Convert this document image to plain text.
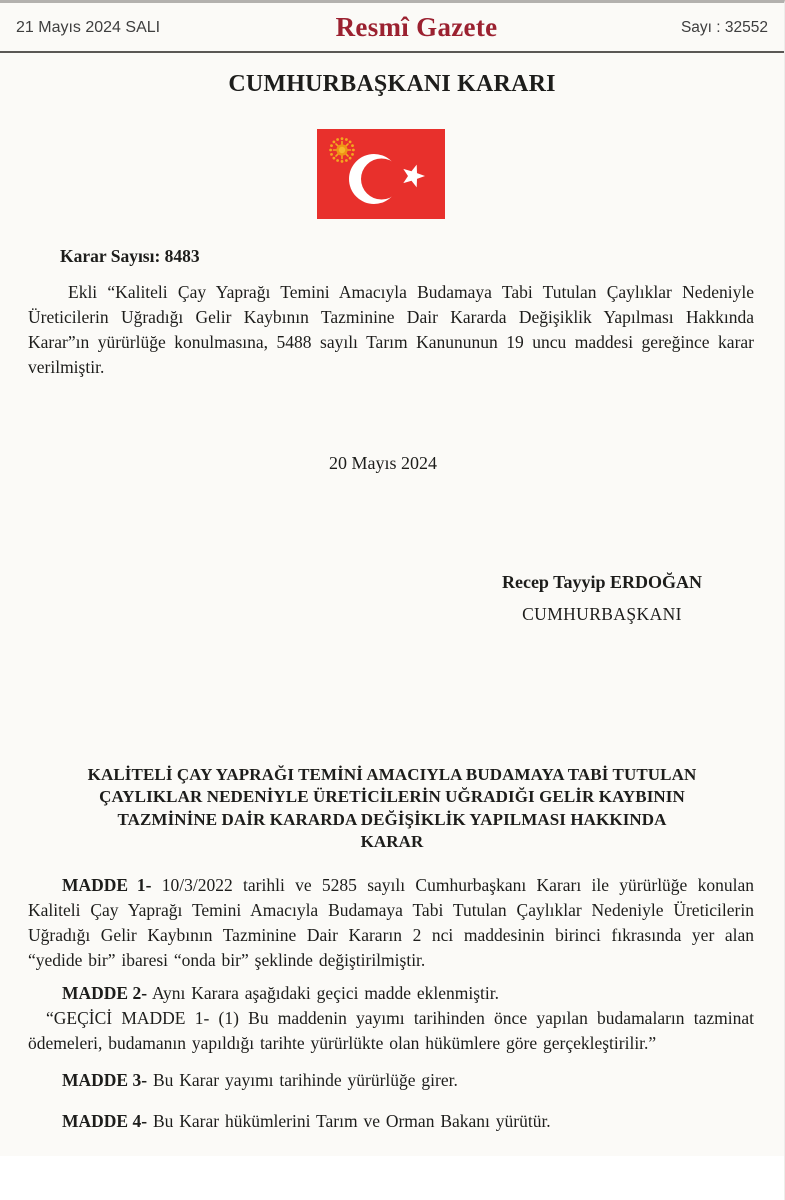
21 Mayıs 2024 SALI	Resmî Gazete	Sayı : 32552
CUMHURBAŞKANI KARARI
Karar Sayısı: 8483

Ekli “Kaliteli Çay Yaprağı Temini Amacıyla Budamaya Tabi Tutulan Çaylıklar Nedeniyle Üreticilerin Uğradığı Gelir Kaybının Tazminine Dair Kararda Değişiklik Yapılması Hakkında Karar”ın yürürlüğe konulmasına, 5488 sayılı Tarım Kanununun 19 uncu maddesi gereğince karar verilmiştir.

20 Mayıs 2024
Recep Tayyip ERDOĞAN
CUMHURBAŞKANI
KALİTELİ ÇAY YAPRAĞI TEMİNİ AMACIYLA BUDAMAYA TABİ TUTULAN
ÇAYLIKLAR NEDENİYLE ÜRETİCİLERİN UĞRADIĞI GELİR KAYBININ
TAZMİNİNE DAİR KARARDA DEĞİŞİKLİK YAPILMASI HAKKINDA
KARAR

MADDE 1- 10/3/2022 tarihli ve 5285 sayılı Cumhurbaşkanı Kararı ile yürürlüğe konulan Kaliteli Çay Yaprağı Temini Amacıyla Budamaya Tabi Tutulan Çaylıklar Nedeniyle Üreticilerin Uğradığı Gelir Kaybının Tazminine Dair Kararın 2 nci maddesinin birinci fıkrasında yer alan “yedide bir” ibaresi “onda bir” şeklinde değiştirilmiştir.

MADDE 2- Aynı Karara aşağıdaki geçici madde eklenmiştir.

“GEÇİCİ MADDE 1- (1) Bu maddenin yayımı tarihinden önce yapılan budamaların tazminat ödemeleri, budamanın yapıldığı tarihte yürürlükte olan hükümlere göre gerçekleştirilir.”

MADDE 3- Bu Karar yayımı tarihinde yürürlüğe girer.

MADDE 4- Bu Karar hükümlerini Tarım ve Orman Bakanı yürütür.
